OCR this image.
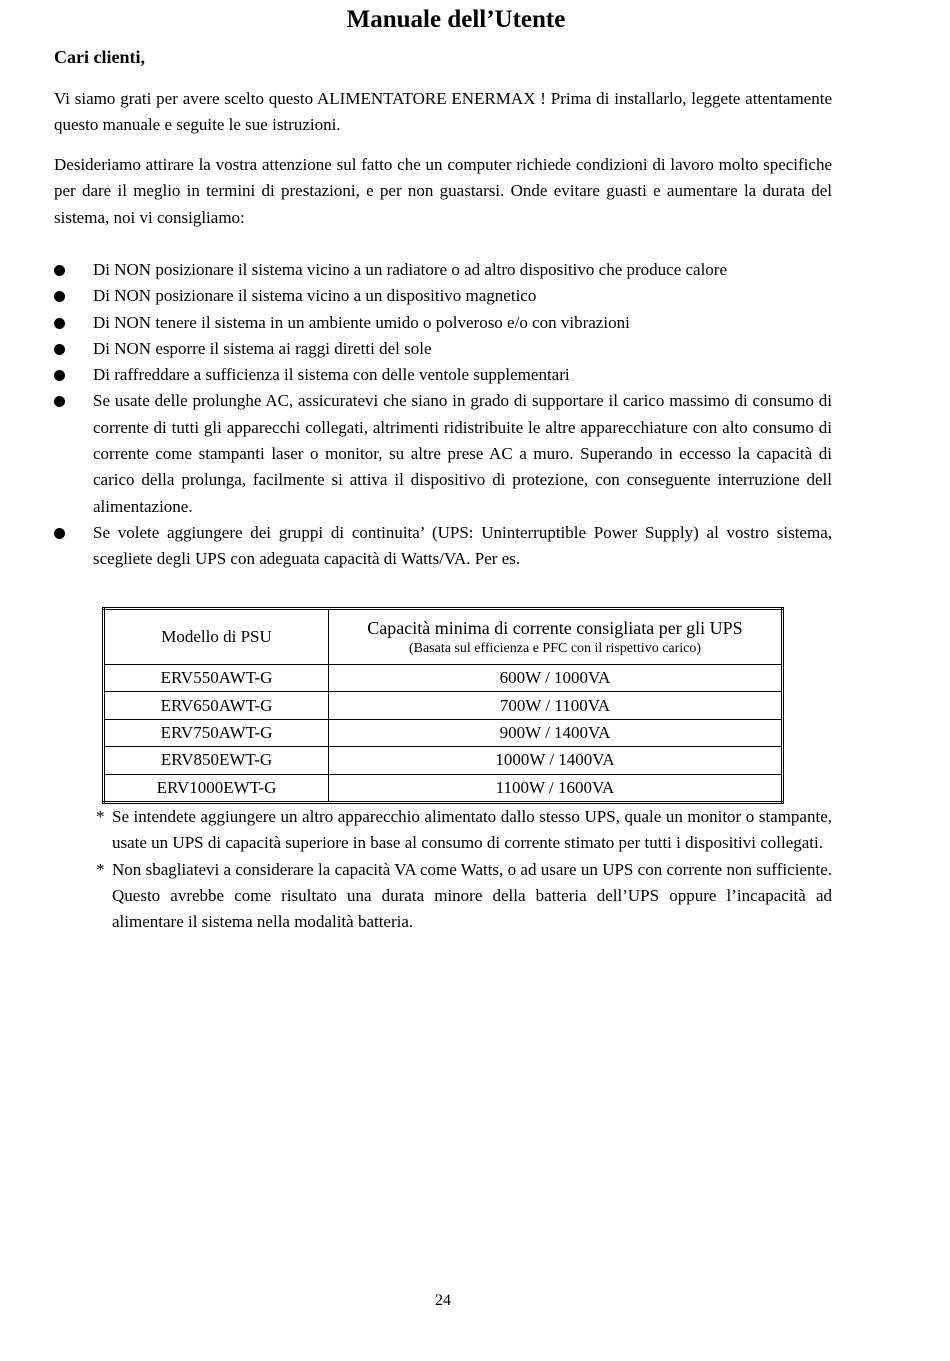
Manuale dell’Utente

Cari clienti,

Vi siamo grati per avere scelto questo ALIMENTATORE ENERMAX ! Prima di installarlo, leggete attentamente questo manuale e seguite le sue istruzioni.

Desideriamo attirare la vostra attenzione sul fatto che un computer richiede condizioni di lavoro molto specifiche per dare il meglio in termini di prestazioni, e per non guastarsi. Onde evitare guasti e aumentare la durata del sistema, noi vi consigliamo:

Di NON posizionare il sistema vicino a un radiatore o ad altro dispositivo che produce calore
Di NON posizionare il sistema vicino a un dispositivo magnetico
Di NON tenere il sistema in un ambiente umido o polveroso e/o con vibrazioni
Di NON esporre il sistema ai raggi diretti del sole
Di raffreddare a sufficienza il sistema con delle ventole supplementari
Se usate delle prolunghe AC, assicuratevi che siano in grado di supportare il carico massimo di consumo di corrente di tutti gli apparecchi collegati, altrimenti ridistribuite le altre apparecchiature con alto consumo di corrente come stampanti laser o monitor, su altre prese AC a muro. Superando in eccesso la capacità di carico della prolunga, facilmente si attiva il dispositivo di protezione, con conseguente interruzione dell alimentazione.
Se volete aggiungere dei gruppi di continuita’ (UPS: Uninterruptible Power Supply) al vostro sistema, scegliete degli UPS con adeguata capacità di Watts/VA. Per es.
Modello di PSU	Capacità minima di corrente consigliata per gli UPS
(Basata sul efficienza e PFC con il rispettivo carico)

ERV550AWT-G	600W / 1000VA
ERV650AWT-G	700W / 1100VA
ERV750AWT-G	900W / 1400VA
ERV850EWT-G	1000W / 1400VA
ERV1000EWT-G	1100W / 1600VA
* Se intendete aggiungere un altro apparecchio alimentato dallo stesso UPS, quale un monitor o stampante, usate un UPS di capacità superiore in base al consumo di corrente stimato per tutti i dispositivi collegati.
* Non sbagliatevi a considerare la capacità VA come Watts, o ad usare un UPS con corrente non sufficiente. Questo avrebbe come risultato una durata minore della batteria dell’UPS oppure l’incapacità ad alimentare il sistema nella modalità batteria.

24
